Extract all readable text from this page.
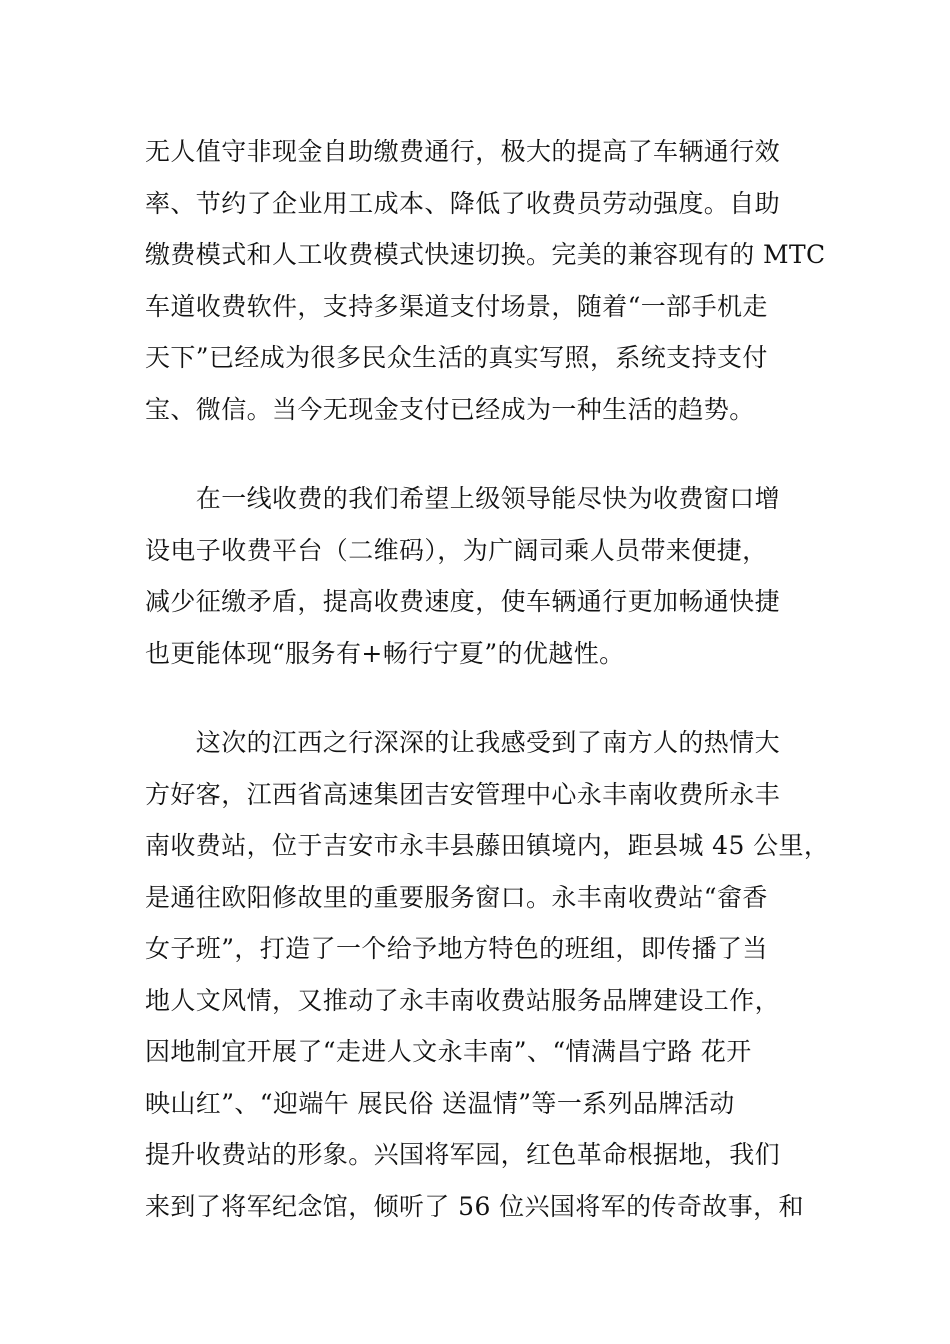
无人值守非现金自助缴费通行，极大的提高了车辆通行效
率、节约了企业用工成本、降低了收费员劳动强度。自助
缴费模式和人工收费模式快速切换。完美的兼容现有的 MTC
车道收费软件，支持多渠道支付场景，随着“一部手机走
天下”已经成为很多民众生活的真实写照，系统支持支付
宝、微信。当今无现金支付已经成为一种生活的趋势。
　　在一线收费的我们希望上级领导能尽快为收费窗口增
设电子收费平台（二维码），为广阔司乘人员带来便捷，
减少征缴矛盾，提高收费速度，使车辆通行更加畅通快捷
也更能体现“服务有+畅行宁夏”的优越性。
　　这次的江西之行深深的让我感受到了南方人的热情大
方好客，江西省高速集团吉安管理中心永丰南收费所永丰
南收费站，位于吉安市永丰县藤田镇境内，距县城 45 公里，
是通往欧阳修故里的重要服务窗口。永丰南收费站“畲香
女子班”，打造了一个给予地方特色的班组，即传播了当
地人文风情，又推动了永丰南收费站服务品牌建设工作，
因地制宜开展了“走进人文永丰南”、“情满昌宁路 花开
映山红”、“迎端午 展民俗 送温情”等一系列品牌活动
提升收费站的形象。兴国将军园，红色革命根据地，我们
来到了将军纪念馆，倾听了 56 位兴国将军的传奇故事，和
